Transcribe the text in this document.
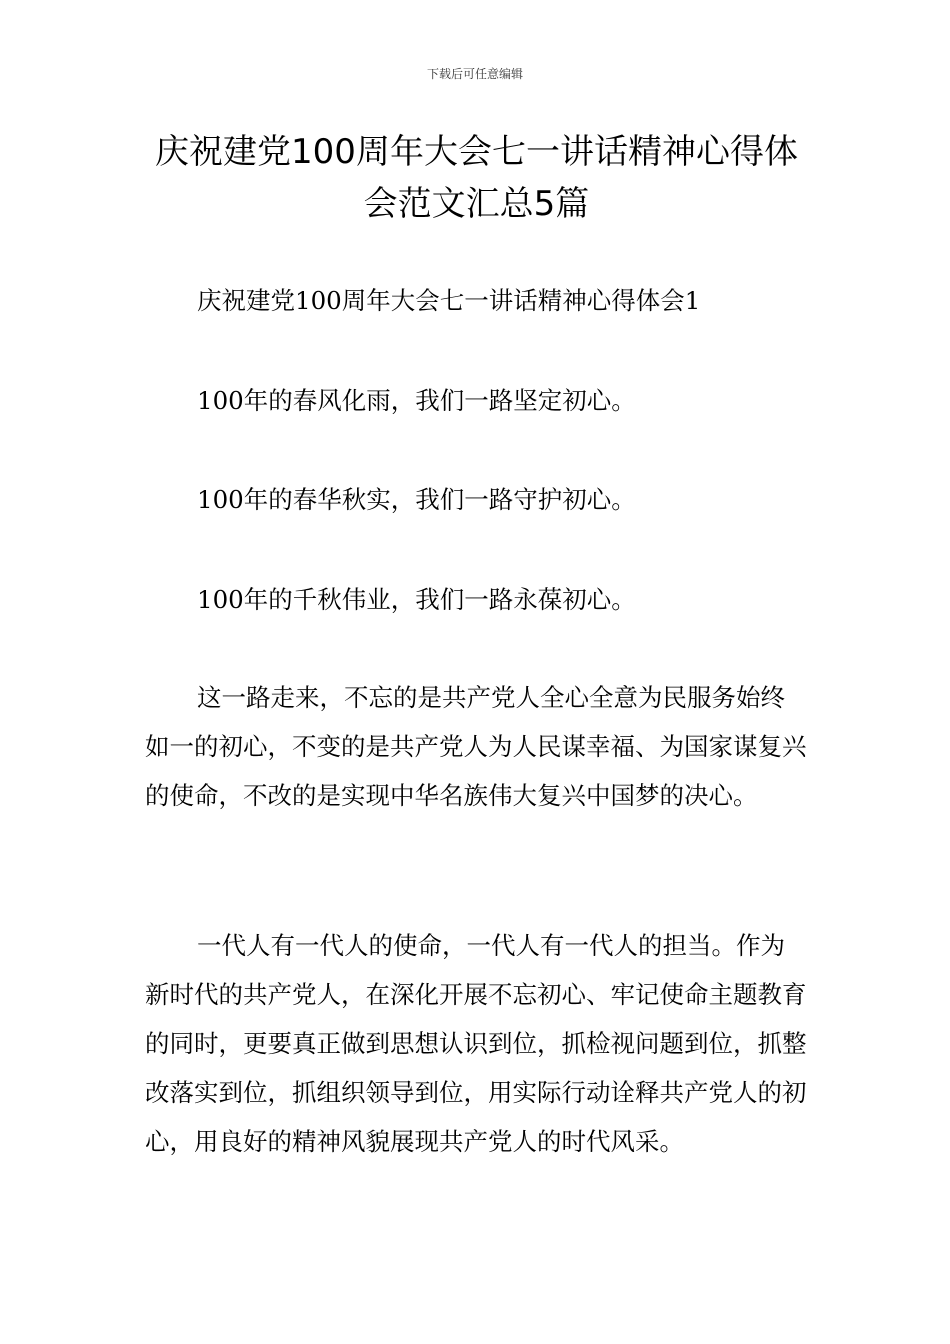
下载后可任意编辑
庆祝建党100周年大会七一讲话精神心得体会范文汇总5篇

庆祝建党100周年大会七一讲话精神心得体会1

100年的春风化雨，我们一路坚定初心。

100年的春华秋实，我们一路守护初心。

100年的千秋伟业，我们一路永葆初心。

这一路走来，不忘的是共产党人全心全意为民服务始终如一的初心，不变的是共产党人为人民谋幸福、为国家谋复兴的使命，不改的是实现中华名族伟大复兴中国梦的决心。

一代人有一代人的使命，一代人有一代人的担当。作为新时代的共产党人，在深化开展不忘初心、牢记使命主题教育的同时，更要真正做到思想认识到位，抓检视问题到位，抓整改落实到位，抓组织领导到位，用实际行动诠释共产党人的初心，用良好的精神风貌展现共产党人的时代风采。
